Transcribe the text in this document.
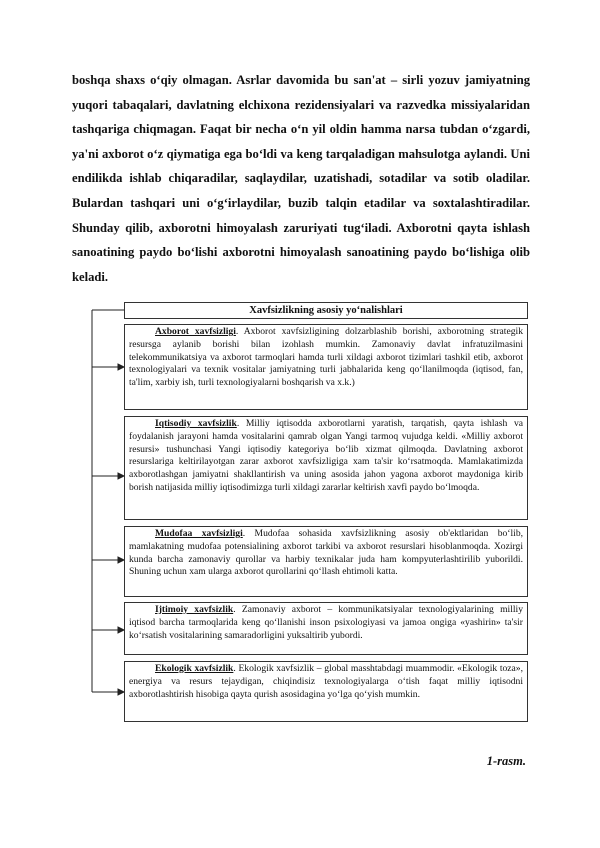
boshqa shaxs o‘qiy olmagan. Asrlar davomida bu san'at – sirli yozuv jamiyatning yuqori tabaqalari, davlatning elchixona rezidensiyalari va razvedka missiyalaridan tashqariga chiqmagan. Faqat bir necha o‘n yil oldin hamma narsa tubdan o‘zgardi, ya'ni axborot o‘z qiymatiga ega bo‘ldi va keng tarqaladigan mahsulotga aylandi. Uni endilikda ishlab chiqaradilar, saqlaydilar, uzatishadi, sotadilar va sotib oladilar. Bulardan tashqari uni o‘g‘irlaydilar, buzib talqin etadilar va soxtalashtiradilar. Shunday qilib, axborotni himoyalash zaruriyati tug‘iladi. Axborotni qayta ishlash sanoatining paydo bo‘lishi axborotni himoyalash sanoatining paydo bo‘lishiga olib keladi.

Xavfsizlikning asosiy yo‘nalishlari

Axborot xavfsizligi. Axborot xavfsizligining dolzarblashib borishi, axborotning strategik resursga aylanib borishi bilan izohlash mumkin. Zamonaviy davlat infratuzilmasini telekommunikatsiya va axborot tarmoqlari hamda turli xildagi axborot tizimlari tashkil etib, axborot texnologiyalari va texnik vositalar jamiyatning turli jabhalarida keng qo‘llanilmoqda (iqtisod, fan, ta'lim, xarbiy ish, turli texnologiyalarni boshqarish va x.k.)

Iqtisodiy xavfsizlik. Milliy iqtisodda axborotlarni yaratish, tarqatish, qayta ishlash va foydalanish jarayoni hamda vositalarini qamrab olgan Yangi tarmoq vujudga keldi. «Milliy axborot resursi» tushunchasi Yangi iqtisodiy kategoriya bo‘lib xizmat qilmoqda. Davlatning axborot resurslariga keltirilayotgan zarar axborot xavfsizligiga xam ta'sir ko‘rsatmoqda. Mamlakatimizda axborotlashgan jamiyatni shakllantirish va uning asosida jahon yagona axborot maydoniga kirib borish natijasida milliy iqtisodimizga turli xildagi zararlar keltirish xavfi paydo bo‘lmoqda.

Mudofaa xavfsizligi. Mudofaa sohasida xavfsizlikning asosiy ob'ektlaridan bo‘lib, mamlakatning mudofaa potensialining axborot tarkibi va axborot resurslari hisoblanmoqda. Xozirgi kunda barcha zamonaviy qurollar va harbiy texnikalar juda ham kompyuterlashtirilib yuborildi. Shuning uchun xam ularga axborot qurollarini qo‘llash ehtimoli katta.

Ijtimoiy xavfsizlik. Zamonaviy axborot – kommunikatsiyalar texnologiyalarining milliy iqtisod barcha tarmoqlarida keng qo‘llanishi inson psixologiyasi va jamoa ongiga «yashirin» ta'sir ko‘rsatish vositalarining samaradorligini yuksaltirib yubordi.

Ekologik xavfsizlik. Ekologik xavfsizlik – global masshtabdagi muammodir. «Ekologik toza», energiya va resurs tejaydigan, chiqindisiz texnologiyalarga o‘tish faqat milliy iqtisodni axborotlashtirish hisobiga qayta qurish asosidagina yo‘lga qo‘yish mumkin.

1-rasm.
